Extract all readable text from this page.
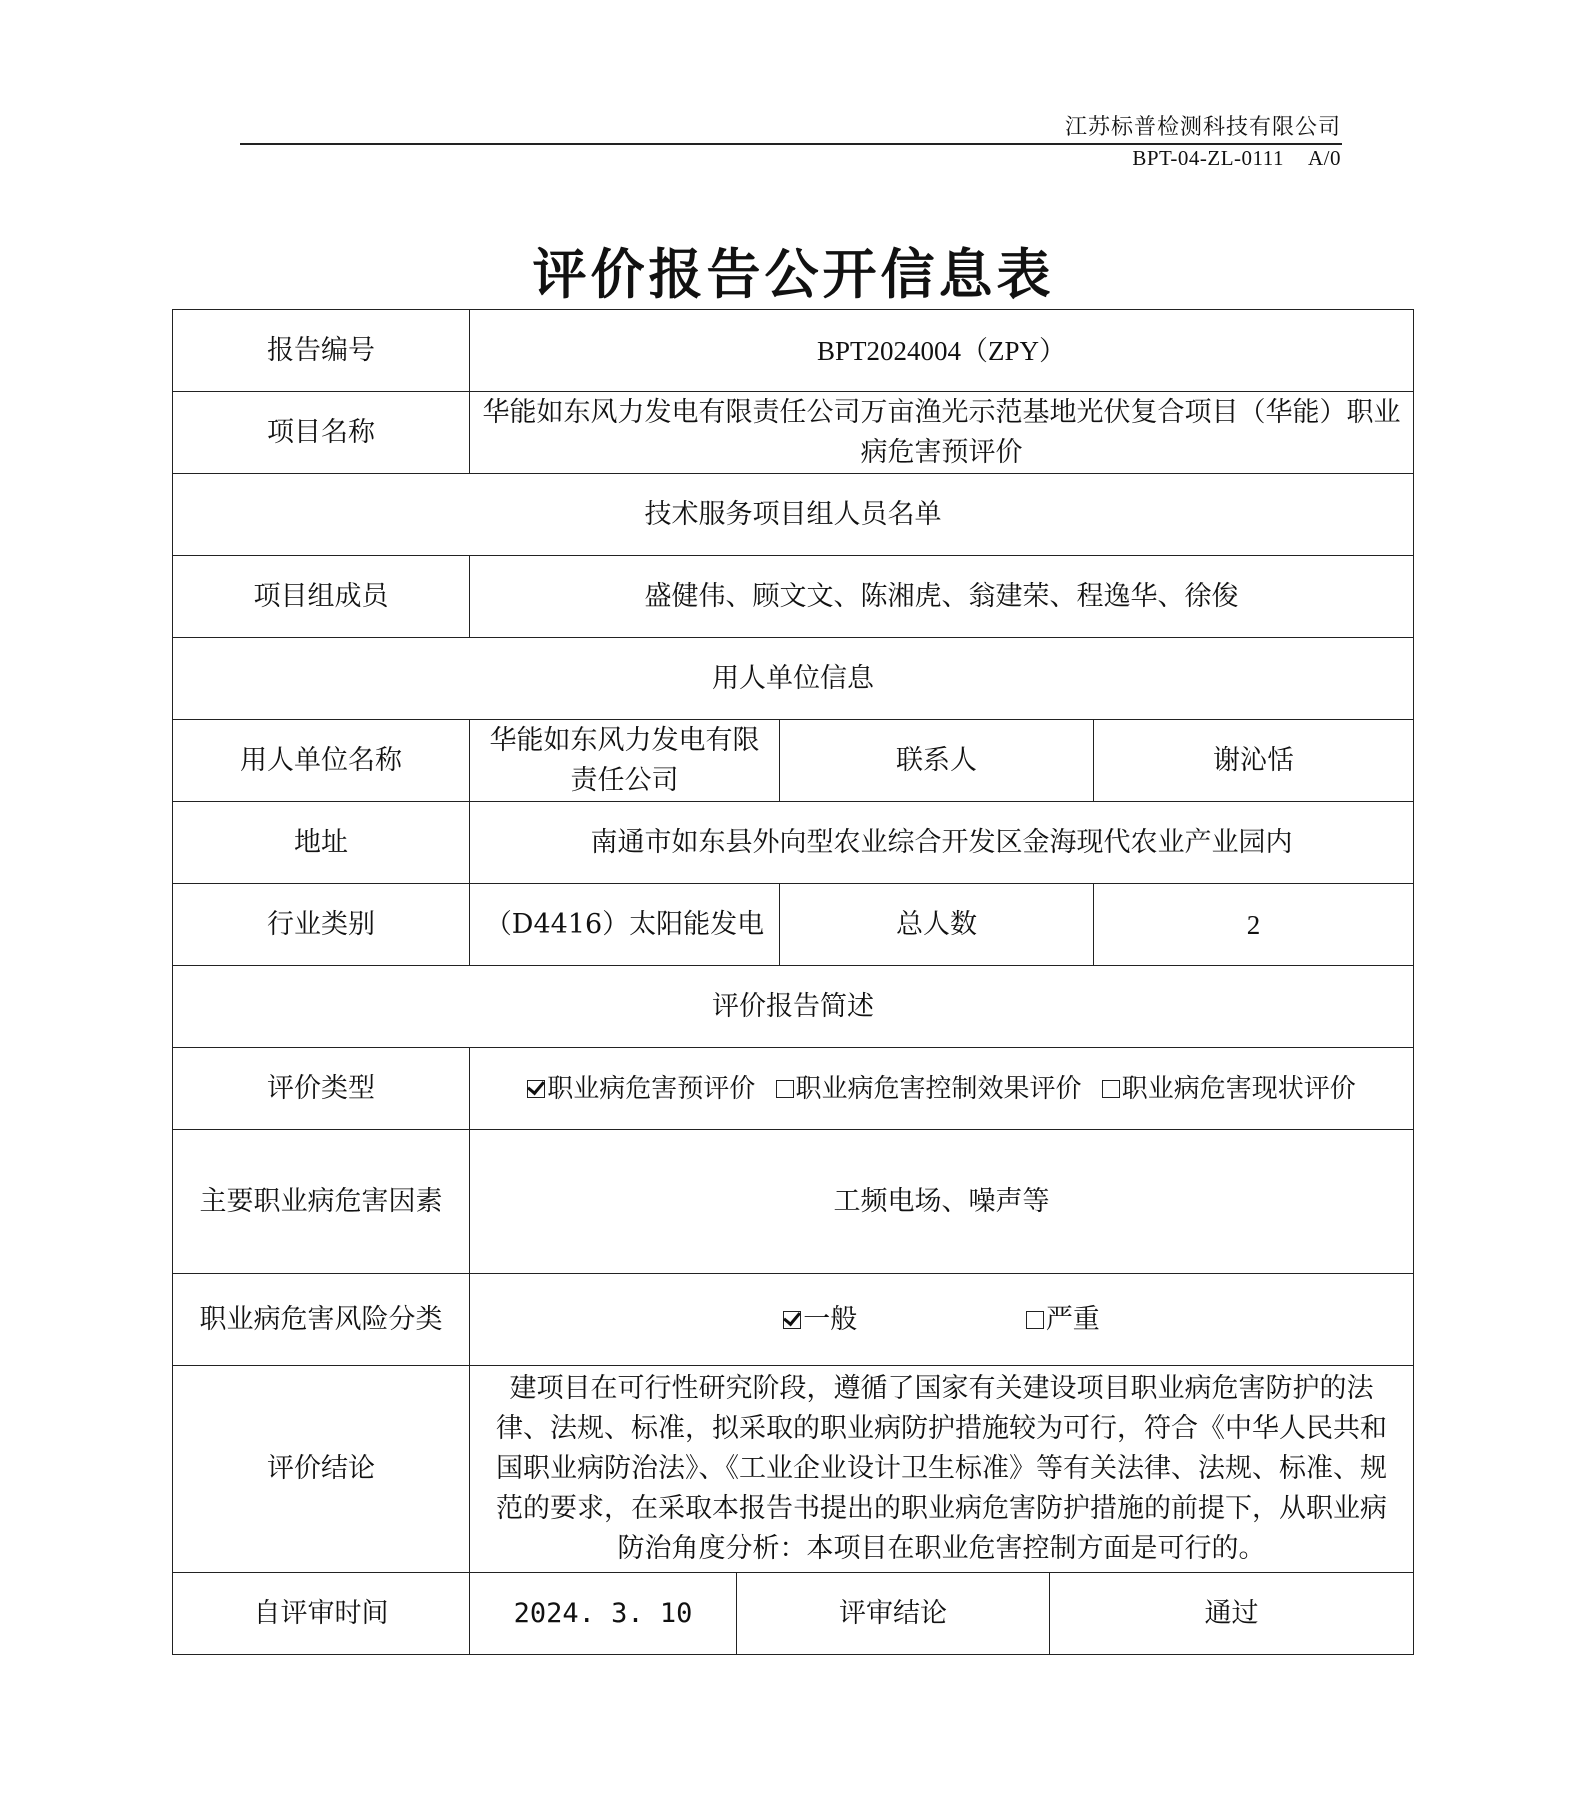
江苏标普检测科技有限公司
BPT-04-ZL-0111 A/0
评价报告公开信息表
报告编号	BPT2024004（ZPY）				
项目名称	华能如东风力发电有限责任公司万亩渔光示范基地光伏复合项目（华能）职业病危害预评价				
技术服务项目组人员名单					
项目组成员	盛健伟、顾文文、陈湘虎、翁建荣、程逸华、徐俊				
用人单位信息					
用人单位名称	华能如东风力发电有限责任公司		联系人		谢沁恬
地址	南通市如东县外向型农业综合开发区金海现代农业产业园内				
行业类别	（D4416）太阳能发电		总人数		2
评价报告简述					
评价类型	职业病危害预评价 职业病危害控制效果评价 职业病危害现状评价				
主要职业病危害因素	工频电场、噪声等				
职业病危害风险分类	一般 严重				
评价结论	建项目在可行性研究阶段，遵循了国家有关建设项目职业病危害防护的法律、法规、标准，拟采取的职业病防护措施较为可行，符合《中华人民共和国职业病防治法》、《工业企业设计卫生标准》等有关法律、法规、标准、规范的要求，在采取本报告书提出的职业病危害防护措施的前提下，从职业病防治角度分析：本项目在职业危害控制方面是可行的。				
自评审时间	2024. 3. 10	评审结论		通过	
